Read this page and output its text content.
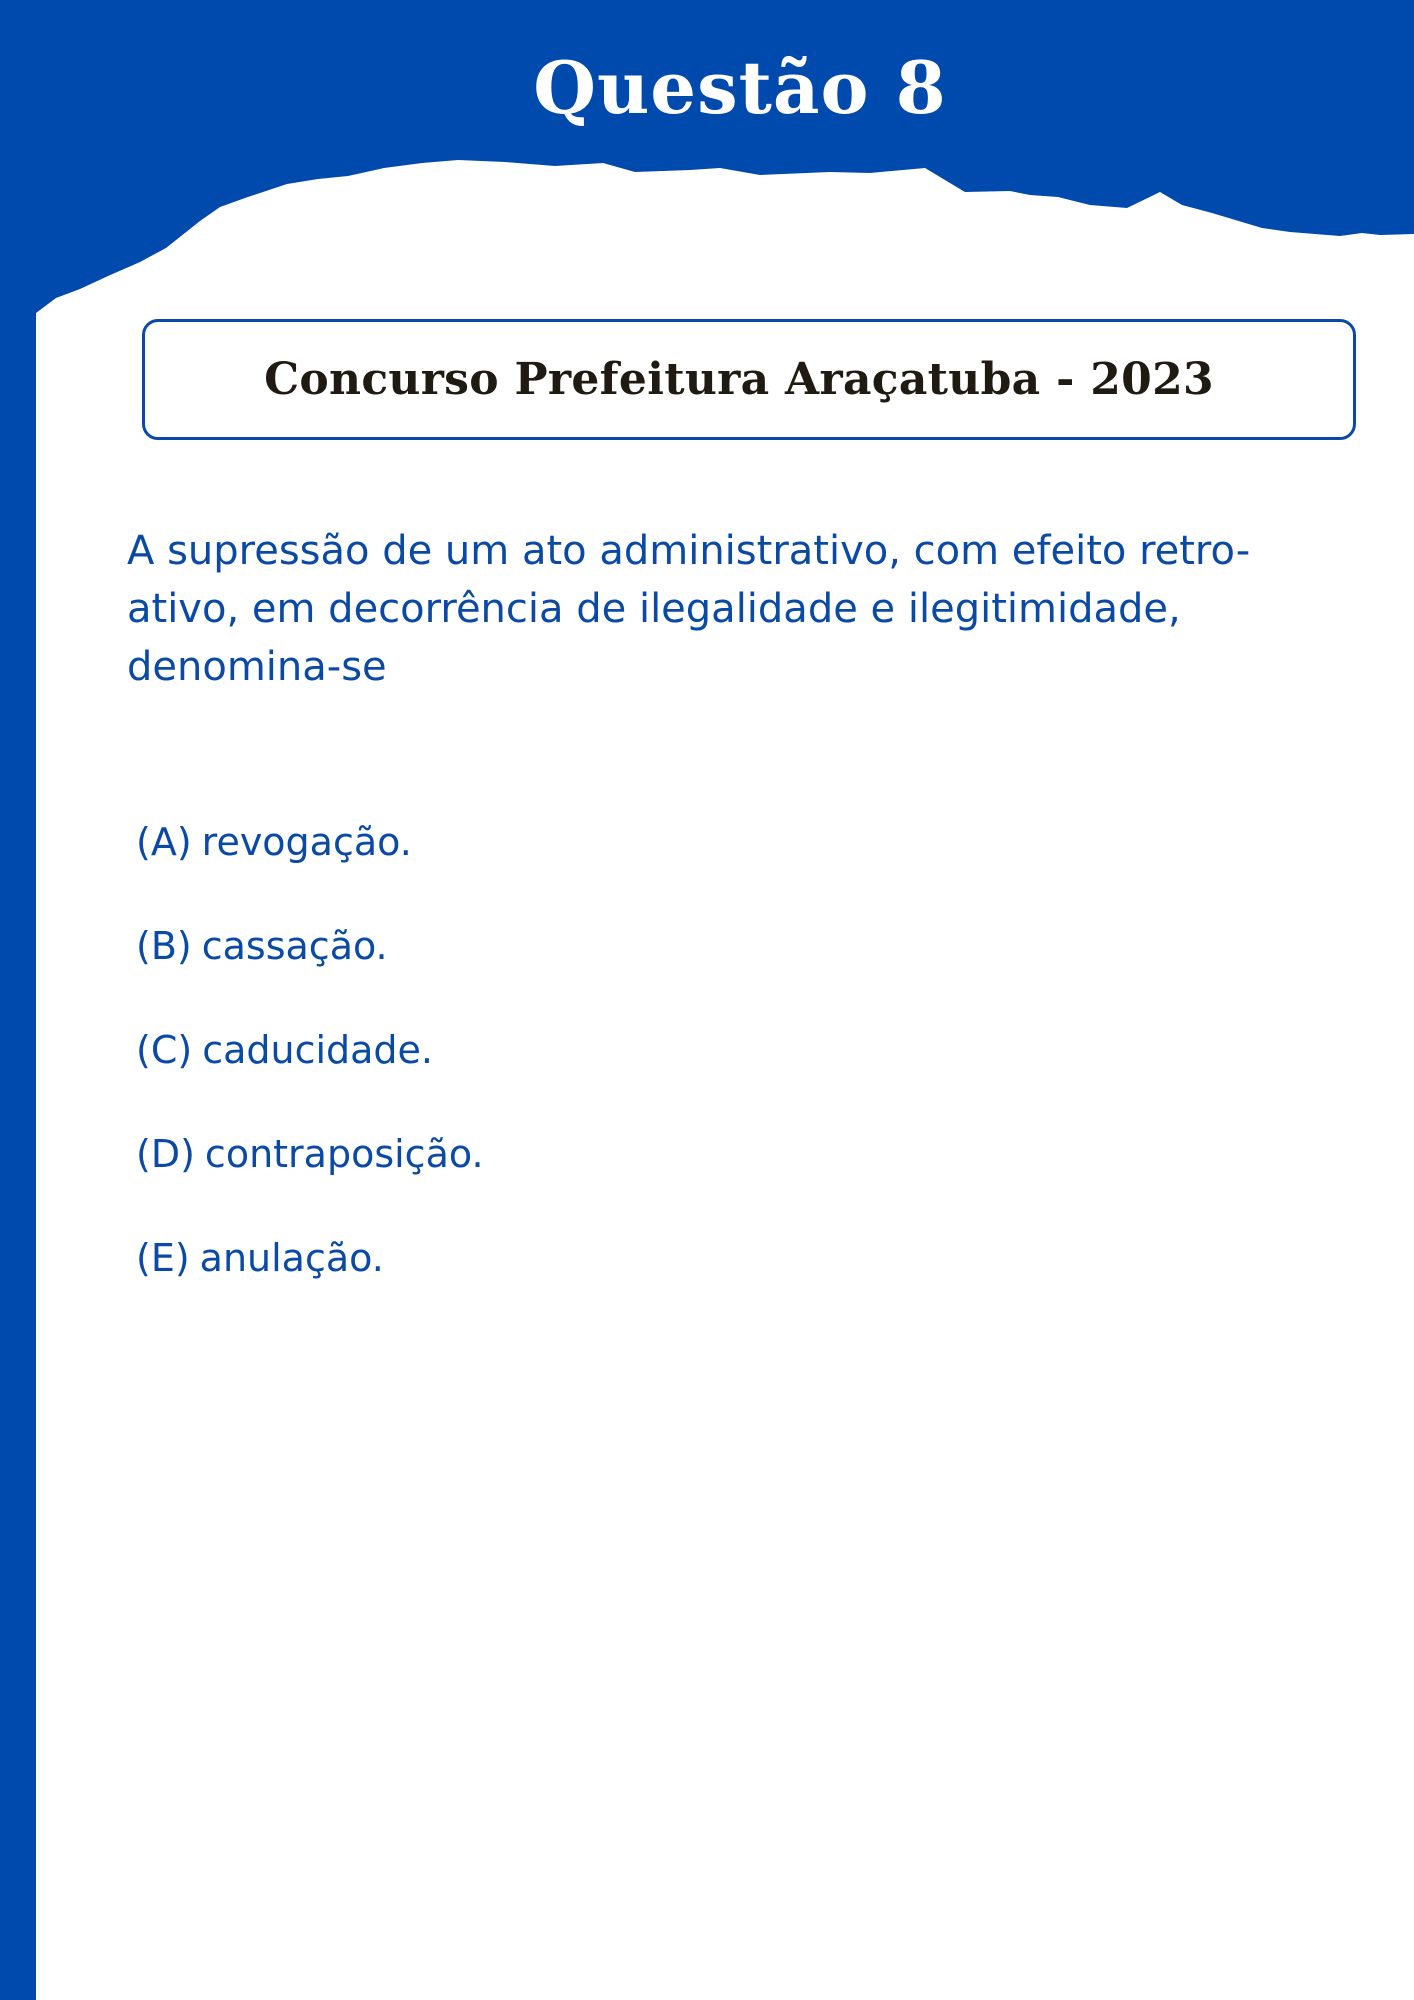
Questão 8
Concurso Prefeitura Araçatuba - 2023

A supressão de um ato administrativo, com efeito retro-
ativo, em decorrência de ilegalidade e ilegitimidade,
denomina-se

(A) revogação.
(B) cassação.
(C) caducidade.
(D) contraposição.
(E) anulação.
